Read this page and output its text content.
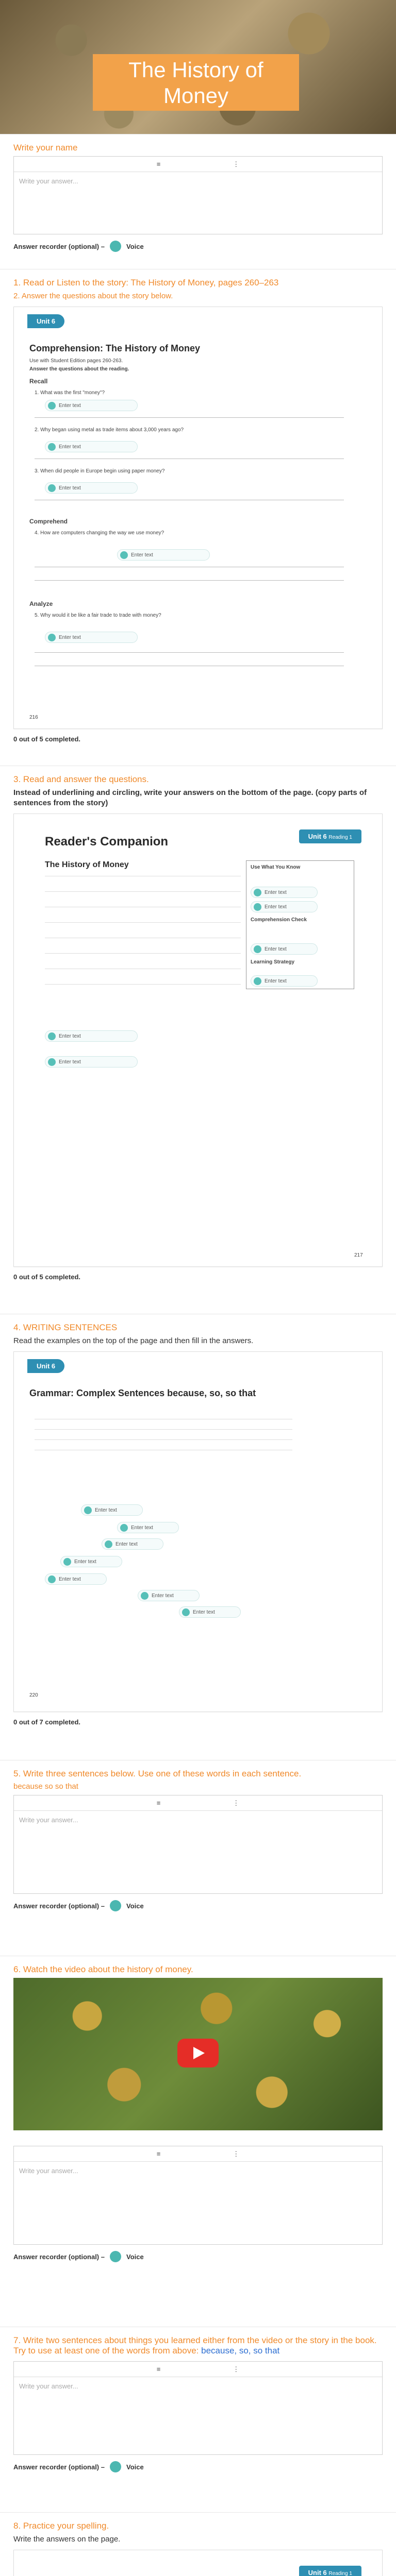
The History of
Money
Write your name
≡	⋮
Write your answer...
Answer recorder (optional) –	Voice
1. Read or Listen to the story: The History of Money, pages 260–263
2. Answer the questions about the story below.
Unit 6
Comprehension: The History of Money
Use with Student Edition pages 260-263.
Answer the questions about the reading.
Recall
1. What was the first "money"?
Enter text
2. Why began using metal as trade items about 3,000 years ago?
Enter text
3. When did people in Europe begin using paper money?
Enter text
Comprehend
4. How are computers changing the way we use money?
Enter text
Analyze
5. Why would it be like a fair trade to trade with money?
Enter text
216
0 out of 5 completed.
3. Read and answer the questions.
Instead of underlining and circling, write your answers on the bottom of the page. (copy parts of sentences from the story)
Unit 6 Reading 1
Reader's Companion
The History of Money	Use What You Know
Enter text
Enter text
Comprehension Check
Enter text
Learning Strategy
Enter text
Enter text
Enter text
217
0 out of 5 completed.
4. WRITING SENTENCES
Read the examples on the top of the page and then fill in the answers.
Unit 6
Grammar: Complex Sentences because, so, so that
Enter text
Enter text
Enter text
Enter text
Enter text
Enter text
Enter text
220
0 out of 7 completed.
5. Write three sentences below. Use one of these words in each sentence.
because so so that
≡	⋮
Write your answer...
Answer recorder (optional) –	Voice
6. Watch the video about the history of money.
≡	⋮
Write your answer...
Answer recorder (optional) –	Voice
7. Write two sentences about things you learned either from the video or the story in the book. Try to use at least one of the words from above: because, so, so that
≡	⋮
Write your answer...
Answer recorder (optional) –	Voice
8. Practice your spelling.
Write the answers on the page.
Unit 6 Reading 1
